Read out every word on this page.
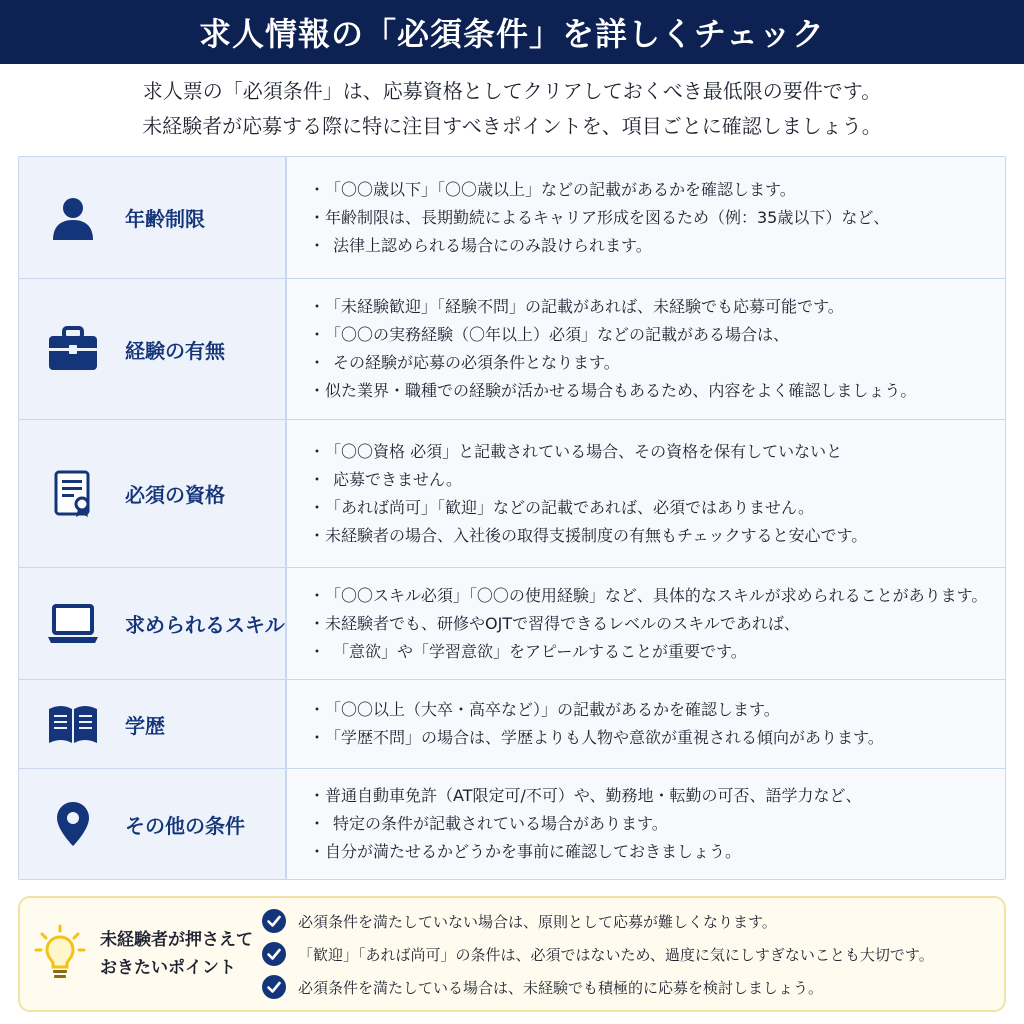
求人情報の「必須条件」を詳しくチェック

求人票の「必須条件」は、応募資格としてクリアしておくべき最低限の要件です。

未経験者が応募する際に特に注目すべきポイントを、項目ごとに確認しましょう。

年齢制限
・ 「〇〇歳以下」「〇〇歳以上」などの記載があるかを確認します。
・ 年齢制限は、長期勤続によるキャリア形成を図るため（例：35歳以下）など、
・ 法律上認められる場合にのみ設けられます。
経験の有無
・ 「未経験歓迎」「経験不問」の記載があれば、未経験でも応募可能です。
・ 「〇〇の実務経験（〇年以上）必須」などの記載がある場合は、
・ その経験が応募の必須条件となります。
・ 似た業界・職種での経験が活かせる場合もあるため、内容をよく確認しましょう。
必須の資格
・ 「〇〇資格 必須」と記載されている場合、その資格を保有していないと
・ 応募できません。
・ 「あれば尚可」「歓迎」などの記載であれば、必須ではありません。
・ 未経験者の場合、入社後の取得支援制度の有無もチェックすると安心です。
求められるスキル
・ 「〇〇スキル必須」「〇〇の使用経験」など、具体的なスキルが求められることがあります。
・ 未経験者でも、研修やOJTで習得できるレベルのスキルであれば、
・ 「意欲」や「学習意欲」をアピールすることが重要です。
学歴
・ 「〇〇以上（大卒・高卒など）」の記載があるかを確認します。
・ 「学歴不問」の場合は、学歴よりも人物や意欲が重視される傾向があります。
その他の条件
・ 普通自動車免許（AT限定可/不可）や、勤務地・転勤の可否、語学力など、
・ 特定の条件が記載されている場合があります。
・ 自分が満たせるかどうかを事前に確認しておきましょう。
未経験者が押さえて
おきたいポイント
必須条件を満たしていない場合は、原則として応募が難しくなります。
「歓迎」「あれば尚可」の条件は、必須ではないため、過度に気にしすぎないことも大切です。
必須条件を満たしている場合は、未経験でも積極的に応募を検討しましょう。
